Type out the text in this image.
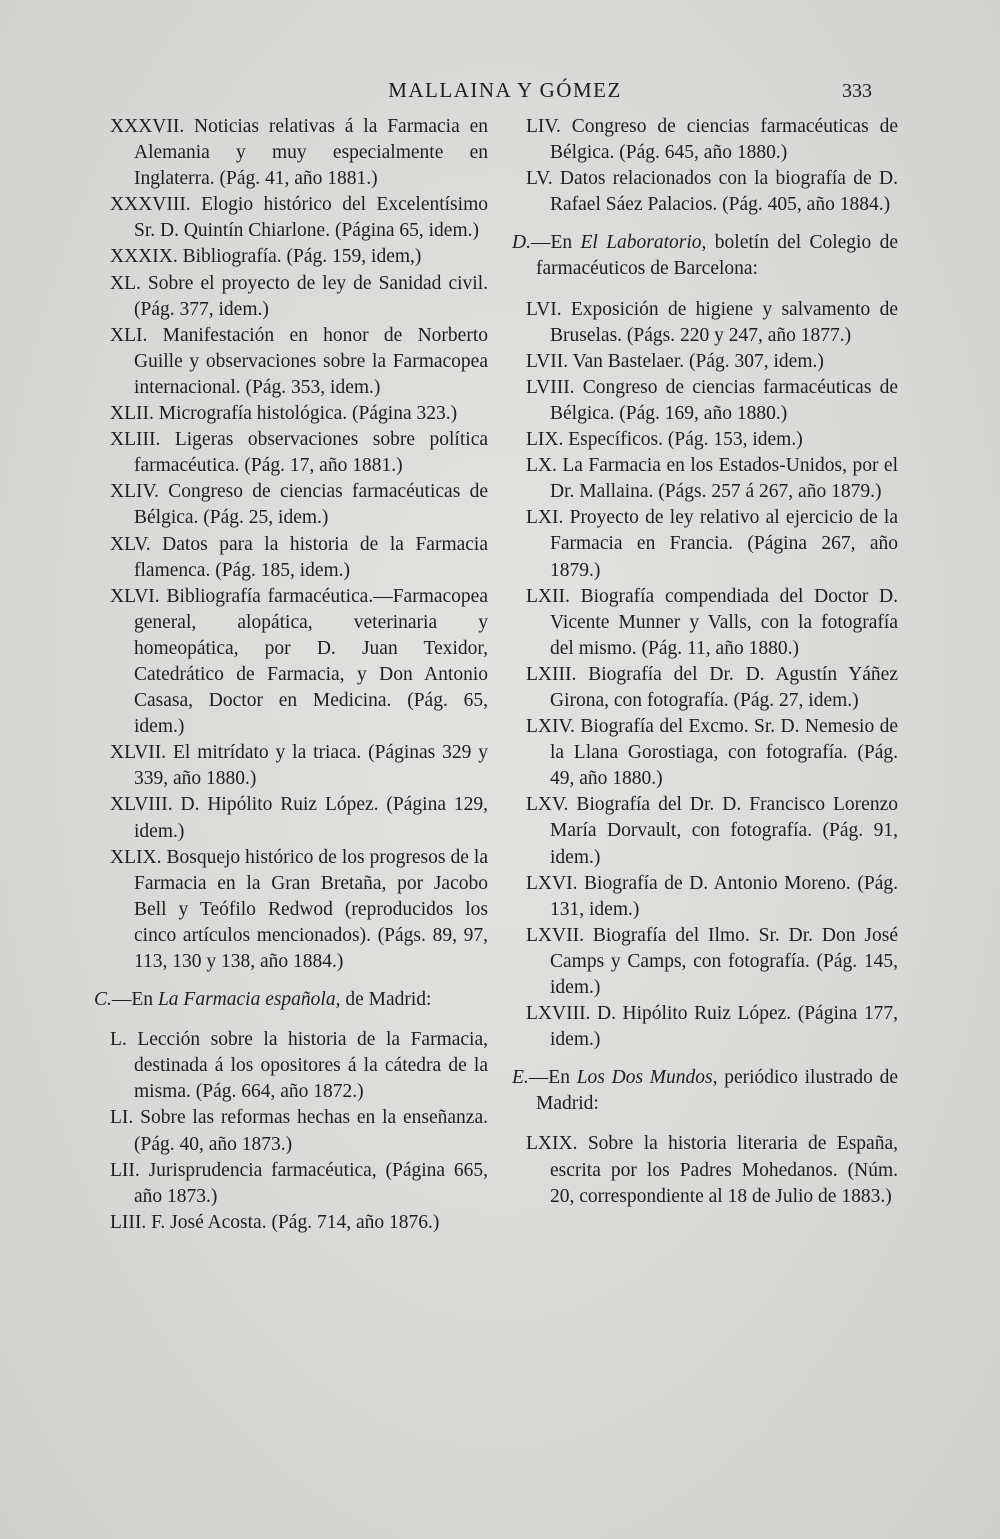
MALLAINA Y GÓMEZ	333

XXXVII. Noticias relativas á la Farmacia en Alemania y muy especialmente en Inglaterra. (Pág. 41, año 1881.)

XXXVIII. Elogio histórico del Excelentísimo Sr. D. Quintín Chiarlone. (Página 65, idem.)

XXXIX. Bibliografía. (Pág. 159, idem,)

XL. Sobre el proyecto de ley de Sanidad civil. (Pág. 377, idem.)

XLI. Manifestación en honor de Norberto Guille y observaciones sobre la Farmacopea internacional. (Pág. 353, idem.)

XLII. Micrografía histológica. (Página 323.)

XLIII. Ligeras observaciones sobre política farmacéutica. (Pág. 17, año 1881.)

XLIV. Congreso de ciencias farmacéuticas de Bélgica. (Pág. 25, idem.)

XLV. Datos para la historia de la Farmacia flamenca. (Pág. 185, idem.)

XLVI. Bibliografía farmacéutica.—Farmacopea general, alopática, veterinaria y homeopática, por D. Juan Texidor, Catedrático de Farmacia, y Don Antonio Casasa, Doctor en Medicina. (Pág. 65, idem.)

XLVII. El mitrídato y la triaca. (Páginas 329 y 339, año 1880.)

XLVIII. D. Hipólito Ruiz López. (Página 129, idem.)

XLIX. Bosquejo histórico de los progresos de la Farmacia en la Gran Bretaña, por Jacobo Bell y Teófilo Redwod (reproducidos los cinco artículos mencionados). (Págs. 89, 97, 113, 130 y 138, año 1884.)

C.—En La Farmacia española, de Madrid:

L. Lección sobre la historia de la Farmacia, destinada á los opositores á la cátedra de la misma. (Pág. 664, año 1872.)

LI. Sobre las reformas hechas en la enseñanza. (Pág. 40, año 1873.)

LII. Jurisprudencia farmacéutica, (Página 665, año 1873.)

LIII. F. José Acosta. (Pág. 714, año 1876.)

LIV. Congreso de ciencias farmacéuticas de Bélgica. (Pág. 645, año 1880.)

LV. Datos relacionados con la biografía de D. Rafael Sáez Palacios. (Pág. 405, año 1884.)

D.—En El Laboratorio, boletín del Colegio de farmacéuticos de Barcelona:

LVI. Exposición de higiene y salvamento de Bruselas. (Págs. 220 y 247, año 1877.)

LVII. Van Bastelaer. (Pág. 307, idem.)

LVIII. Congreso de ciencias farmacéuticas de Bélgica. (Pág. 169, año 1880.)

LIX. Específicos. (Pág. 153, idem.)

LX. La Farmacia en los Estados-Unidos, por el Dr. Mallaina. (Págs. 257 á 267, año 1879.)

LXI. Proyecto de ley relativo al ejercicio de la Farmacia en Francia. (Página 267, año 1879.)

LXII. Biografía compendiada del Doctor D. Vicente Munner y Valls, con la fotografía del mismo. (Pág. 11, año 1880.)

LXIII. Biografía del Dr. D. Agustín Yáñez Girona, con fotografía. (Pág. 27, idem.)

LXIV. Biografía del Excmo. Sr. D. Nemesio de la Llana Gorostiaga, con fotografía. (Pág. 49, año 1880.)

LXV. Biografía del Dr. D. Francisco Lorenzo María Dorvault, con fotografía. (Pág. 91, idem.)

LXVI. Biografía de D. Antonio Moreno. (Pág. 131, idem.)

LXVII. Biografía del Ilmo. Sr. Dr. Don José Camps y Camps, con fotografía. (Pág. 145, idem.)

LXVIII. D. Hipólito Ruiz López. (Página 177, idem.)

E.—En Los Dos Mundos, periódico ilustrado de Madrid:

LXIX. Sobre la historia literaria de España, escrita por los Padres Mohedanos. (Núm. 20, correspondiente al 18 de Julio de 1883.)
